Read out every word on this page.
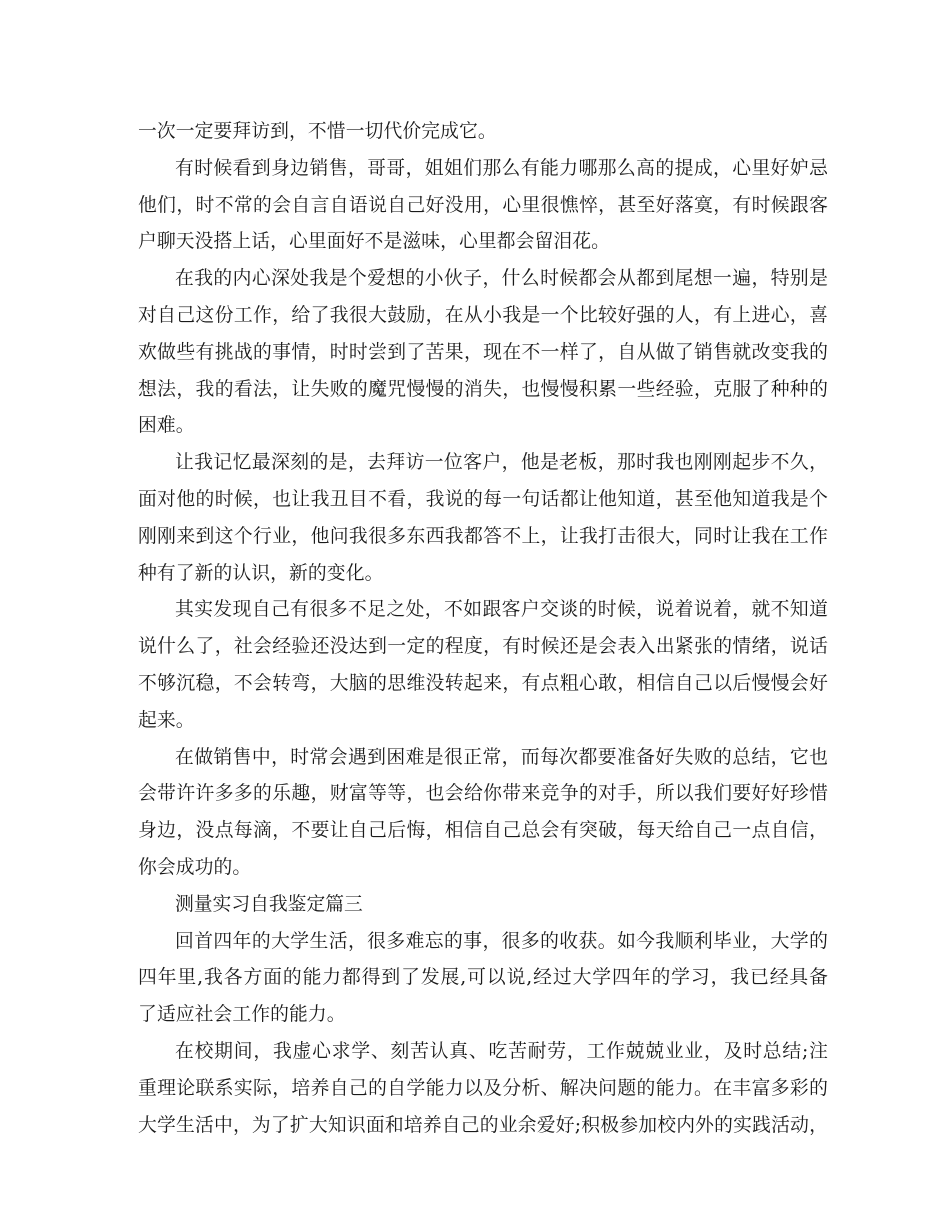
一次一定要拜访到，不惜一切代价完成它。
有时候看到身边销售，哥哥，姐姐们那么有能力哪那么高的提成，心里好妒忌
他们，时不常的会自言自语说自己好没用，心里很憔悴，甚至好落寞，有时候跟客
户聊天没搭上话，心里面好不是滋味，心里都会留泪花。
在我的内心深处我是个爱想的小伙子，什么时候都会从都到尾想一遍，特别是
对自己这份工作，给了我很大鼓励，在从小我是一个比较好强的人，有上进心，喜
欢做些有挑战的事情，时时尝到了苦果，现在不一样了，自从做了销售就改变我的
想法，我的看法，让失败的魔咒慢慢的消失，也慢慢积累一些经验，克服了种种的
困难。
让我记忆最深刻的是，去拜访一位客户，他是老板，那时我也刚刚起步不久，
面对他的时候，也让我丑目不看，我说的每一句话都让他知道，甚至他知道我是个
刚刚来到这个行业，他问我很多东西我都答不上，让我打击很大，同时让我在工作
种有了新的认识，新的变化。
其实发现自己有很多不足之处，不如跟客户交谈的时候，说着说着，就不知道
说什么了，社会经验还没达到一定的程度，有时候还是会表入出紧张的情绪，说话
不够沉稳，不会转弯，大脑的思维没转起来，有点粗心敢，相信自己以后慢慢会好
起来。
在做销售中，时常会遇到困难是很正常，而每次都要准备好失败的总结，它也
会带许许多多的乐趣，财富等等，也会给你带来竞争的对手，所以我们要好好珍惜
身边，没点每滴，不要让自己后悔，相信自己总会有突破，每天给自己一点自信，
你会成功的。
测量实习自我鉴定篇三
回首四年的大学生活，很多难忘的事，很多的收获。如今我顺利毕业，大学的
四年里,我各方面的能力都得到了发展,可以说,经过大学四年的学习，我已经具备
了适应社会工作的能力。
在校期间，我虚心求学、刻苦认真、吃苦耐劳，工作兢兢业业，及时总结;注
重理论联系实际，培养自己的自学能力以及分析、解决问题的能力。在丰富多彩的
大学生活中，为了扩大知识面和培养自己的业余爱好;积极参加校内外的实践活动，
